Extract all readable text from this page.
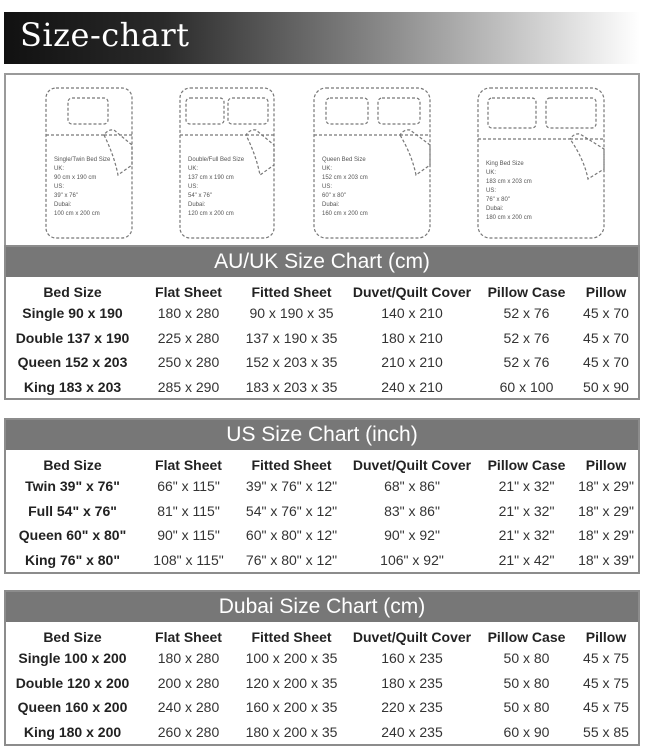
Size-chart
Single/Twin Bed Size
UK:
90 cm x 190 cm
US:
39" x 76"
Dubai:
100 cm x 200 cm
Double/Full Bed Size
UK:
137 cm x 190 cm
US:
54" x 76"
Dubai:
120 cm x 200 cm
Queen Bed Size
UK:
152 cm x 203 cm
US:
60" x 80"
Dubai:
160 cm x 200 cm
King Bed Size
UK:
183 cm x 203 cm
US:
76" x 80"
Dubai:
180 cm x 200 cm
AU/UK Size Chart (cm)
Bed Size	Flat Sheet	Fitted Sheet	Duvet/Quilt Cover	Pillow Case	Pillow
Single 90 x 190	180 x 280	90 x 190 x 35	140 x 210	52 x 76	45 x 70
Double 137 x 190	225 x 280	137 x 190 x 35	180 x 210	52 x 76	45 x 70
Queen 152 x 203	250 x 280	152 x 203 x 35	210 x 210	52 x 76	45 x 70
King 183 x 203	285 x 290	183 x 203 x 35	240 x 210	60 x 100	50 x 90
US Size Chart (inch)
Bed Size	Flat Sheet	Fitted Sheet	Duvet/Quilt Cover	Pillow Case	Pillow
Twin 39" x 76"	66" x 115"	39" x 76" x 12"	68" x 86"	21" x 32"	18" x 29"
Full 54" x 76"	81" x 115"	54" x 76" x 12"	83" x 86"	21" x 32"	18" x 29"
Queen 60" x 80"	90" x 115"	60" x 80" x 12"	90" x 92"	21" x 32"	18" x 29"
King 76" x 80"	108" x 115"	76" x 80" x 12"	106" x 92"	21" x 42"	18" x 39"
Dubai Size Chart (cm)
Bed Size	Flat Sheet	Fitted Sheet	Duvet/Quilt Cover	Pillow Case	Pillow
Single 100 x 200	180 x 280	100 x 200 x 35	160 x 235	50 x 80	45 x 75
Double 120 x 200	200 x 280	120 x 200 x 35	180 x 235	50 x 80	45 x 75
Queen 160 x 200	240 x 280	160 x 200 x 35	220 x 235	50 x 80	45 x 75
King 180 x 200	260 x 280	180 x 200 x 35	240 x 235	60 x 90	55 x 85
